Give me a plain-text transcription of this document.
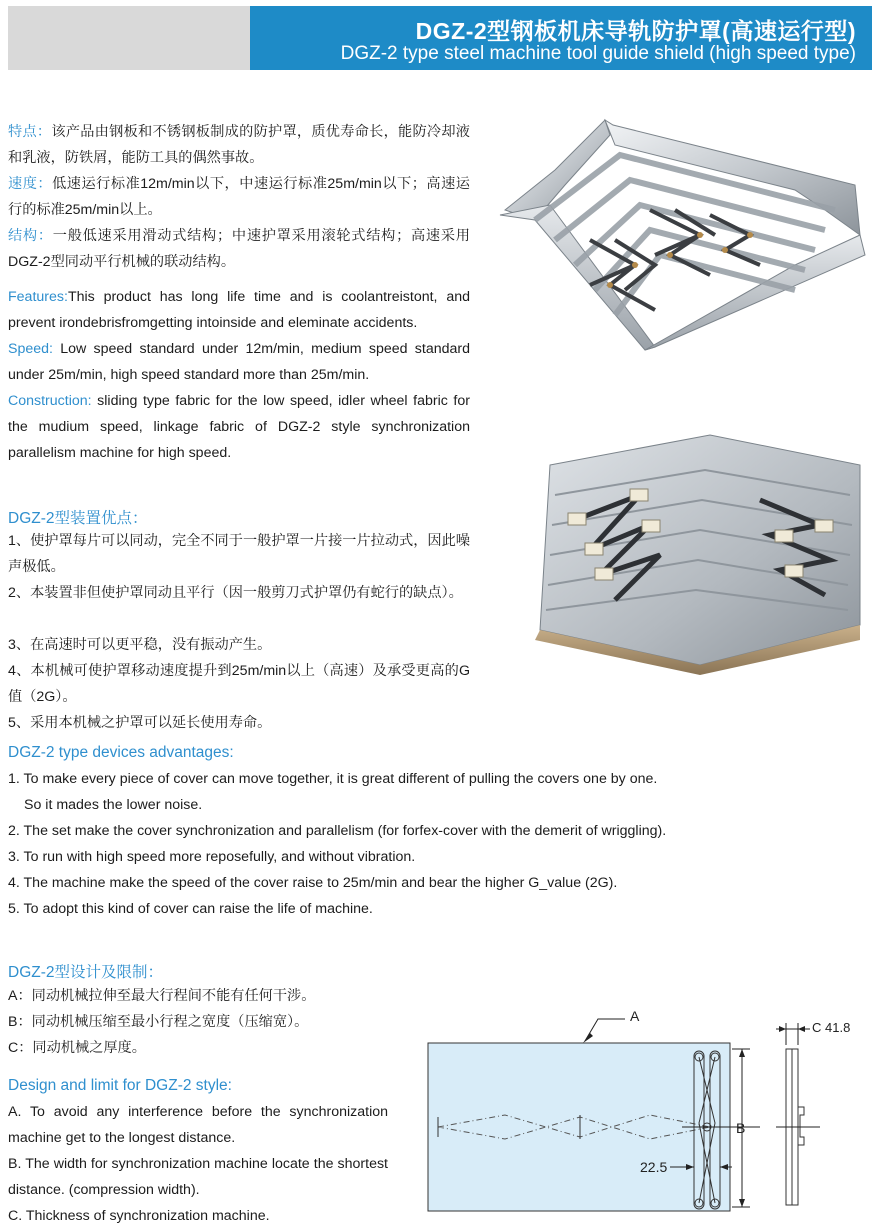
DGZ-2型钢板机床导轨防护罩(高速运行型)
DGZ-2 type steel machine tool guide shield (high speed type)
特点：该产品由钢板和不锈钢板制成的防护罩，质优寿命长，能防冷却液和乳液，防铁屑，能防工具的偶然事故。
速度：低速运行标准12m/min以下，中速运行标准25m/min以下；高速运行的标准25m/min以上。
结构：一般低速采用滑动式结构；中速护罩采用滚轮式结构；高速采用DGZ-2型同动平行机械的联动结构。
Features:This product has long life time and is coolantreistont, and prevent irondebrisfromgetting intoinside and eleminate accidents.
Speed: Low speed standard under 12m/min, medium speed standard under 25m/min, high speed standard more than 25m/min.
Construction: sliding type fabric for the low speed, idler wheel fabric for the mudium speed, linkage fabric of DGZ-2 style synchronization parallelism machine for high speed.
DGZ-2型装置优点：
1、使护罩每片可以同动，完全不同于一般护罩一片接一片拉动式，因此噪声极低。
2、本装置非但使护罩同动且平行（因一般剪刀式护罩仍有蛇行的缺点）。
3、在高速时可以更平稳，没有振动产生。
4、本机械可使护罩移动速度提升到25m/min以上（高速）及承受更高的G值（2G）。
5、采用本机械之护罩可以延长使用寿命。
DGZ-2 type devices advantages:
1. To make every piece of cover can move together, it is great different of pulling the covers one by one.
So it mades the lower noise.
2. The set make the cover synchronization and parallelism (for forfex-cover with the demerit of wriggling).
3. To run with high speed more reposefully, and without vibration.
4. The machine make the speed of the cover raise to 25m/min and bear the higher G_value (2G).
5. To adopt this kind of cover can raise the life of machine.
DGZ-2型设计及限制：
A：同动机械拉伸至最大行程间不能有任何干涉。
B：同动机械压缩至最小行程之宽度（压缩宽）。
C：同动机械之厚度。
Design and limit for DGZ-2 style:
A. To avoid any interference before the synchronization machine get to the longest distance.
B. The width for synchronization machine locate the shortest distance. (compression width).
C. Thickness of synchronization machine.
A
B
22.5
C 41.8
